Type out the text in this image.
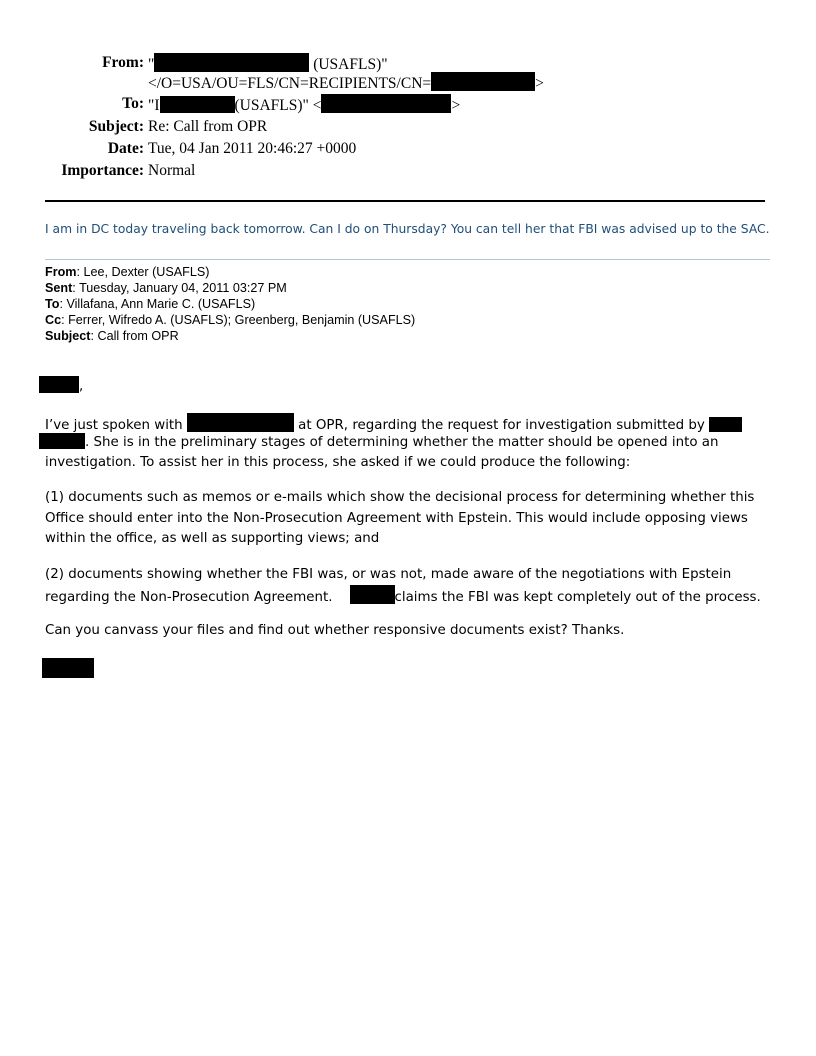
From: "	(USAFLS)"
</O=USA/OU=FLS/CN=RECIPIENTS/CN=	>
To: "I	(USAFLS)" <	>
Subject: Re: Call from OPR
Date: Tue, 04 Jan 2011 20:46:27 +0000
Importance: Normal
I am in DC today traveling back tomorrow. Can I do on Thursday? You can tell her that FBI was advised up to the SAC.
From: Lee, Dexter (USAFLS)
Sent: Tuesday, January 04, 2011 03:27 PM
To: Villafana, Ann Marie C. (USAFLS)
Cc: Ferrer, Wifredo A. (USAFLS); Greenberg, Benjamin (USAFLS)
Subject: Call from OPR
,
I’ve just spoken with	at OPR, regarding the request for investigation submitted by
. She is in the preliminary stages of determining whether the matter should be opened into an
investigation. To assist her in this process, she asked if we could produce the following:
(1) documents such as memos or e-mails which show the decisional process for determining whether this
Office should enter into the Non-Prosecution Agreement with Epstein. This would include opposing views
within the office, as well as supporting views; and
(2) documents showing whether the FBI was, or was not, made aware of the negotiations with Epstein
regarding the Non-Prosecution Agreement.	claims the FBI was kept completely out of the process.
Can you canvass your files and find out whether responsive documents exist? Thanks.
